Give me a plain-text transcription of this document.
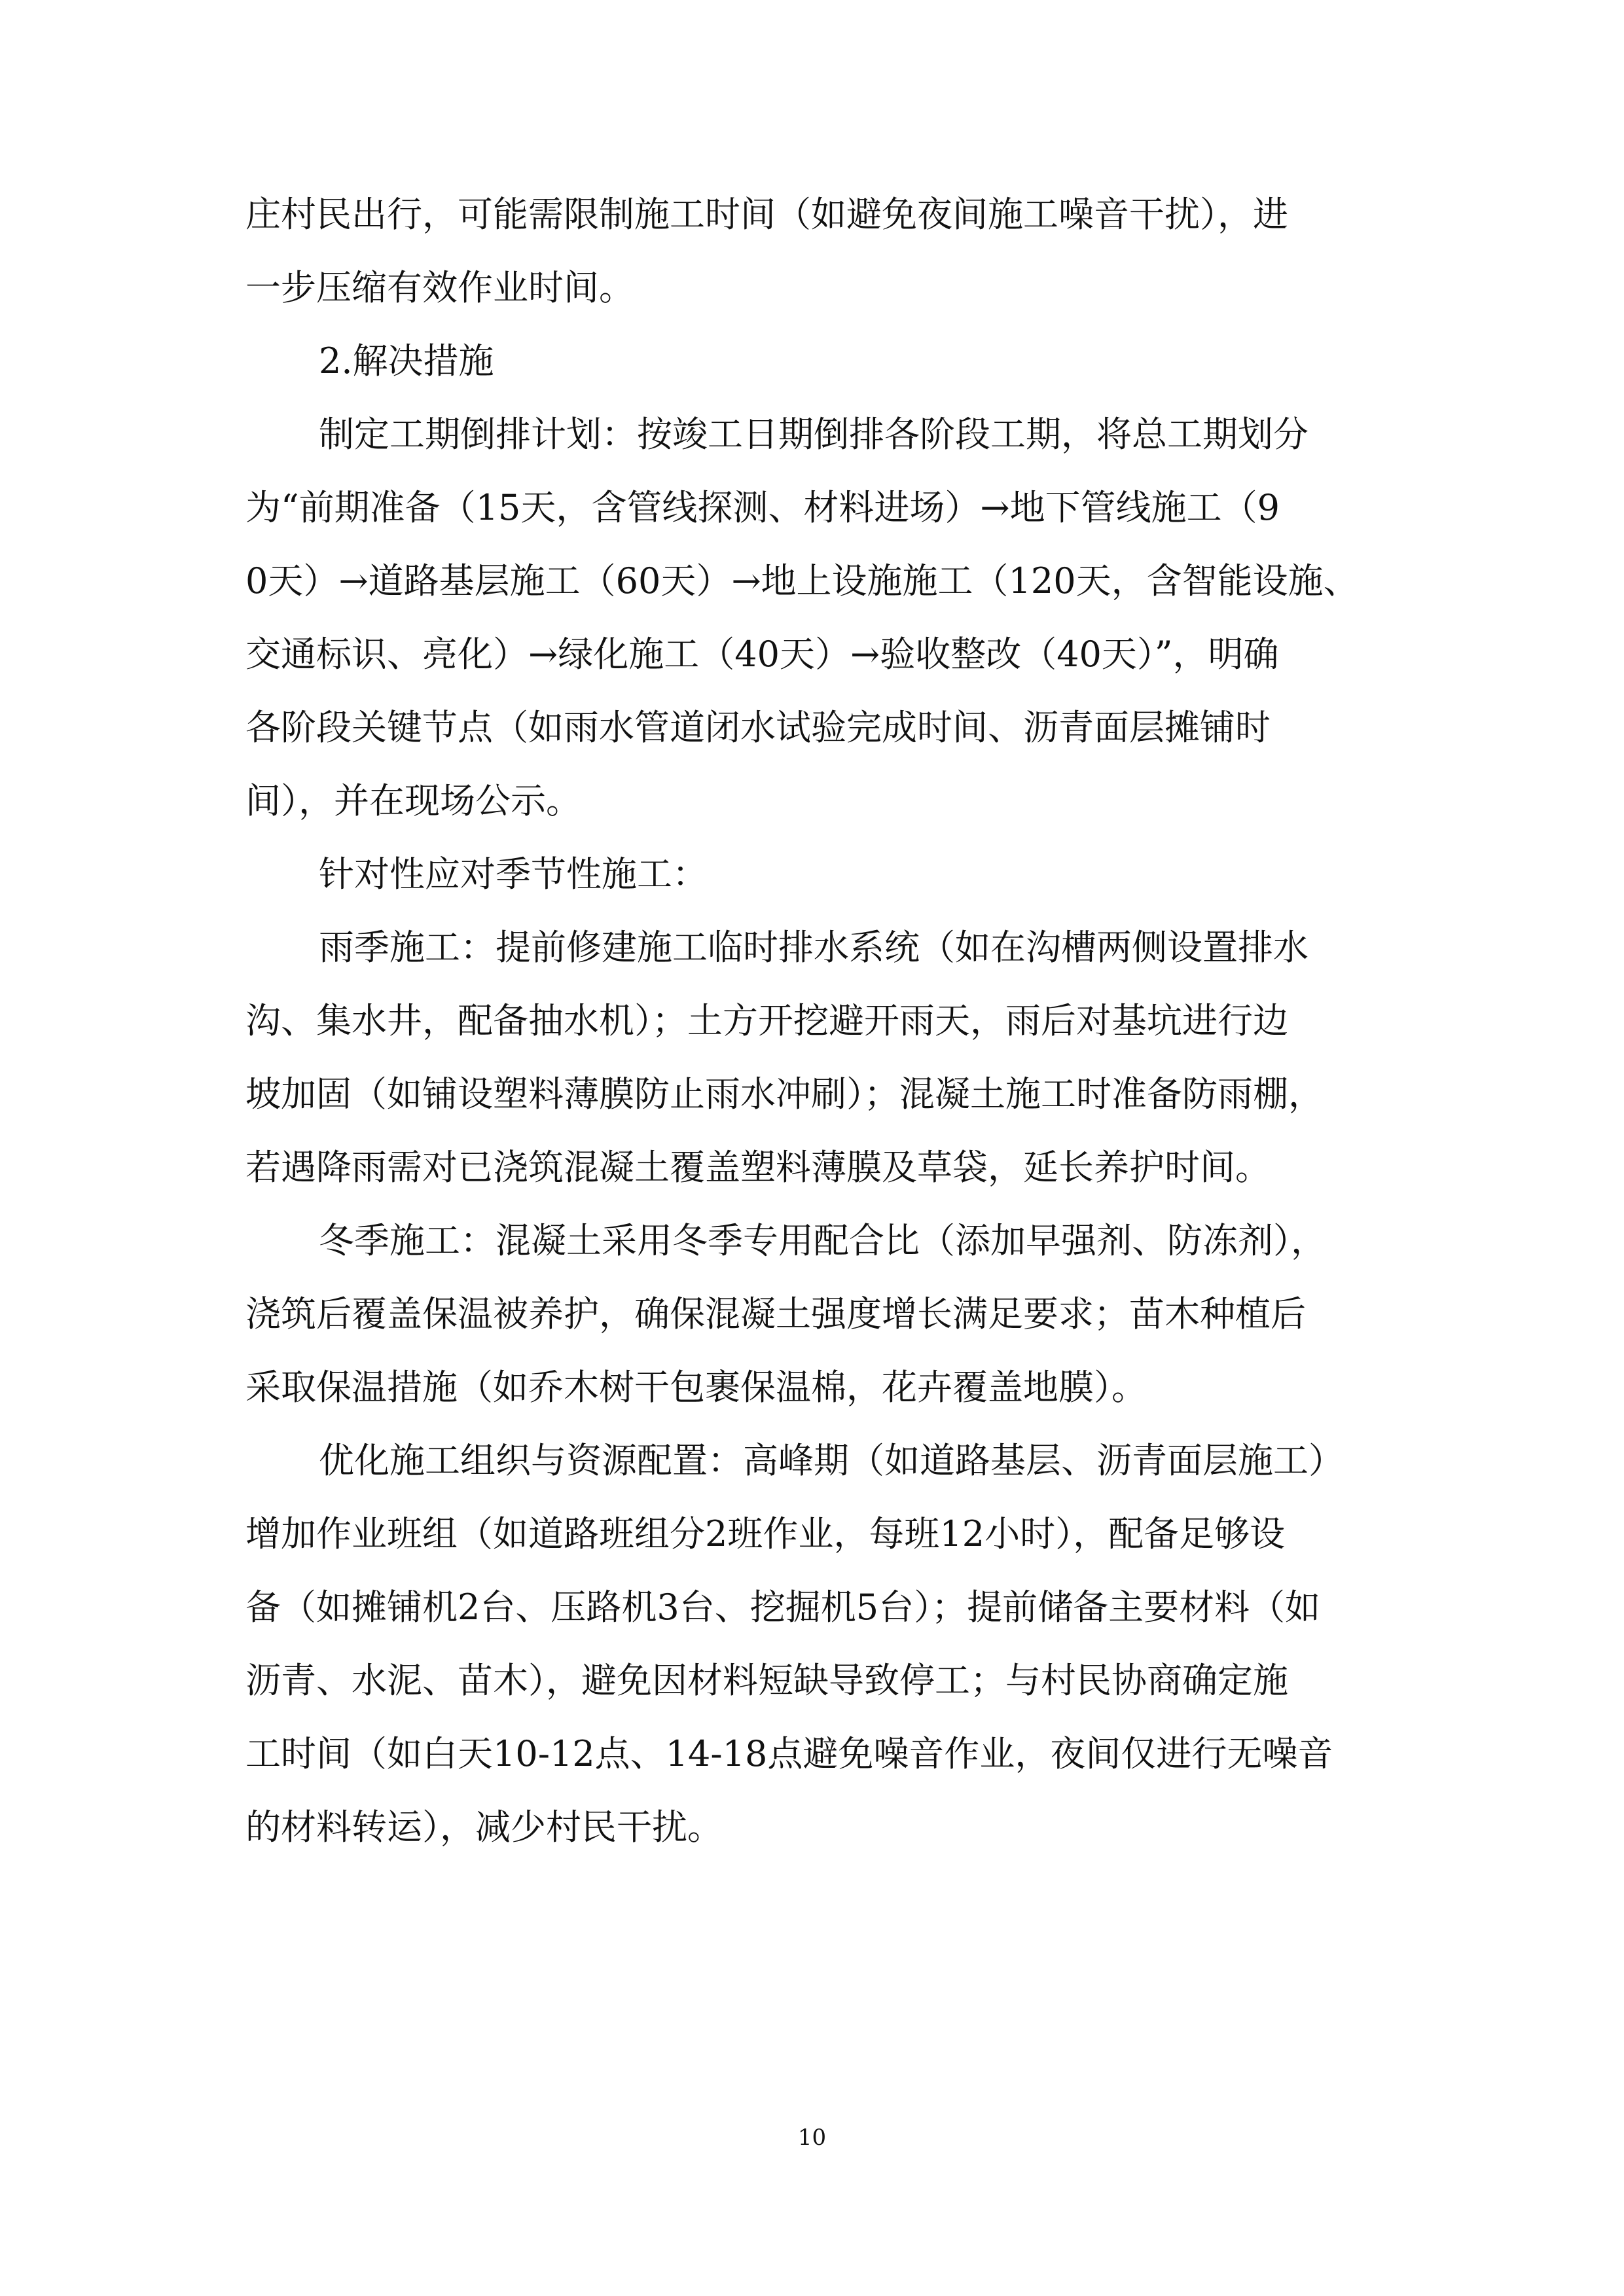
庄村民出行，可能需限制施工时间（如避免夜间施工噪音干扰），进
一步压缩有效作业时间。
2.解决措施
制定工期倒排计划：按竣工日期倒排各阶段工期，将总工期划分
为“前期准备（15天，含管线探测、材料进场）→地下管线施工（9
0天）→道路基层施工（60天）→地上设施施工（120天，含智能设施、
交通标识、亮化）→绿化施工（40天）→验收整改（40天）”，明确
各阶段关键节点（如雨水管道闭水试验完成时间、沥青面层摊铺时
间），并在现场公示。
针对性应对季节性施工：
雨季施工：提前修建施工临时排水系统（如在沟槽两侧设置排水
沟、集水井，配备抽水机）；土方开挖避开雨天，雨后对基坑进行边
坡加固（如铺设塑料薄膜防止雨水冲刷）；混凝土施工时准备防雨棚，
若遇降雨需对已浇筑混凝土覆盖塑料薄膜及草袋，延长养护时间。
冬季施工：混凝土采用冬季专用配合比（添加早强剂、防冻剂），
浇筑后覆盖保温被养护，确保混凝土强度增长满足要求；苗木种植后
采取保温措施（如乔木树干包裹保温棉，花卉覆盖地膜）。
优化施工组织与资源配置：高峰期（如道路基层、沥青面层施工）
增加作业班组（如道路班组分2班作业，每班12小时），配备足够设
备（如摊铺机2台、压路机3台、挖掘机5台）；提前储备主要材料（如
沥青、水泥、苗木），避免因材料短缺导致停工；与村民协商确定施
工时间（如白天10-12点、14-18点避免噪音作业，夜间仅进行无噪音
的材料转运），减少村民干扰。
10
